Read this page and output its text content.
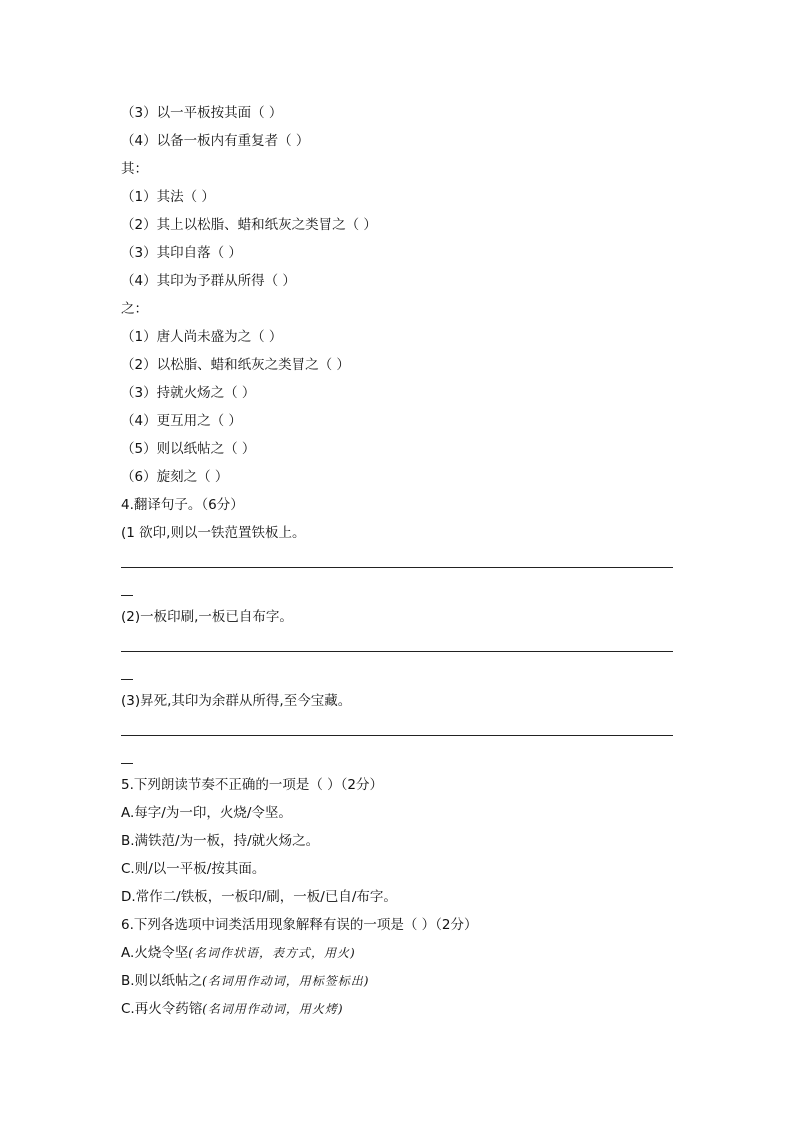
（3）以一平板按其面（ ）
（4）以备一板内有重复者（ ）
其：
（1）其法（ ）
（2）其上以松脂、蜡和纸灰之类冒之（ ）
（3）其印自落（ ）
（4）其印为予群从所得（ ）
之：
（1）唐人尚未盛为之（ ）
（2）以松脂、蜡和纸灰之类冒之（ ）
（3）持就火炀之（ ）
（4）更互用之（ ）
（5）则以纸帖之（ ）
（6）旋刻之（ ）
4.翻译句子。（6分）
(1 欲印,则以一铁范置铁板上。
(2)一板印刷,一板已自布字。
(3)昇死,其印为余群从所得,至今宝藏。
5.下列朗读节奏不正确的一项是（ ）（2分）
A.每字/为一印，火烧/令坚。
B.满铁范/为一板，持/就火炀之。
C.则/以一平板/按其面。
D.常作二/铁板，一板印/刷，一板/已自/布字。
6.下列各选项中词类活用现象解释有误的一项是（ ）（2分）
A.火烧令坚(名词作状语，表方式，用火)
B.则以纸帖之(名词用作动词，用标签标出)
C.再火令药镕(名词用作动词，用火烤)
